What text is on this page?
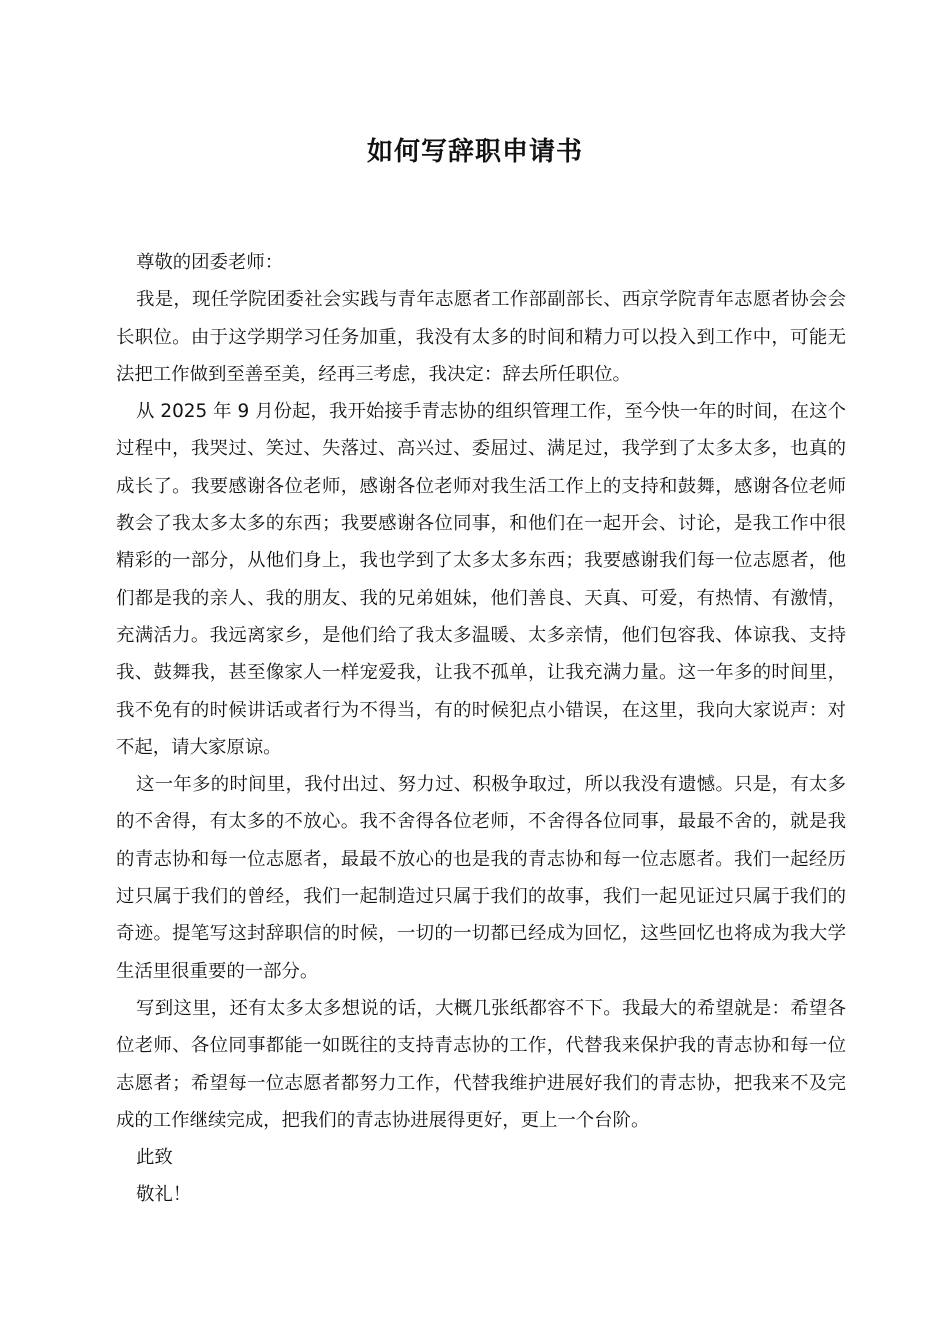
如何写辞职申请书

尊敬的团委老师：

我是，现任学院团委社会实践与青年志愿者工作部副部长、西京学院青年志愿者协会会长职位。由于这学期学习任务加重，我没有太多的时间和精力可以投入到工作中，可能无法把工作做到至善至美，经再三考虑，我决定：辞去所任职位。

从 2025 年 9 月份起，我开始接手青志协的组织管理工作，至今快一年的时间，在这个过程中，我哭过、笑过、失落过、高兴过、委屈过、满足过，我学到了太多太多，也真的成长了。我要感谢各位老师，感谢各位老师对我生活工作上的支持和鼓舞，感谢各位老师教会了我太多太多的东西；我要感谢各位同事，和他们在一起开会、讨论，是我工作中很精彩的一部分，从他们身上，我也学到了太多太多东西；我要感谢我们每一位志愿者，他们都是我的亲人、我的朋友、我的兄弟姐妹，他们善良、天真、可爱，有热情、有激情，充满活力。我远离家乡，是他们给了我太多温暖、太多亲情，他们包容我、体谅我、支持我、鼓舞我，甚至像家人一样宠爱我，让我不孤单，让我充满力量。这一年多的时间里，我不免有的时候讲话或者行为不得当，有的时候犯点小错误，在这里，我向大家说声：对不起，请大家原谅。

这一年多的时间里，我付出过、努力过、积极争取过，所以我没有遗憾。只是，有太多的不舍得，有太多的不放心。我不舍得各位老师，不舍得各位同事，最最不舍的，就是我的青志协和每一位志愿者，最最不放心的也是我的青志协和每一位志愿者。我们一起经历过只属于我们的曾经，我们一起制造过只属于我们的故事，我们一起见证过只属于我们的奇迹。提笔写这封辞职信的时候，一切的一切都已经成为回忆，这些回忆也将成为我大学生活里很重要的一部分。

写到这里，还有太多太多想说的话，大概几张纸都容不下。我最大的希望就是：希望各位老师、各位同事都能一如既往的支持青志协的工作，代替我来保护我的青志协和每一位志愿者；希望每一位志愿者都努力工作，代替我维护进展好我们的青志协，把我来不及完成的工作继续完成，把我们的青志协进展得更好，更上一个台阶。

此致

敬礼！
